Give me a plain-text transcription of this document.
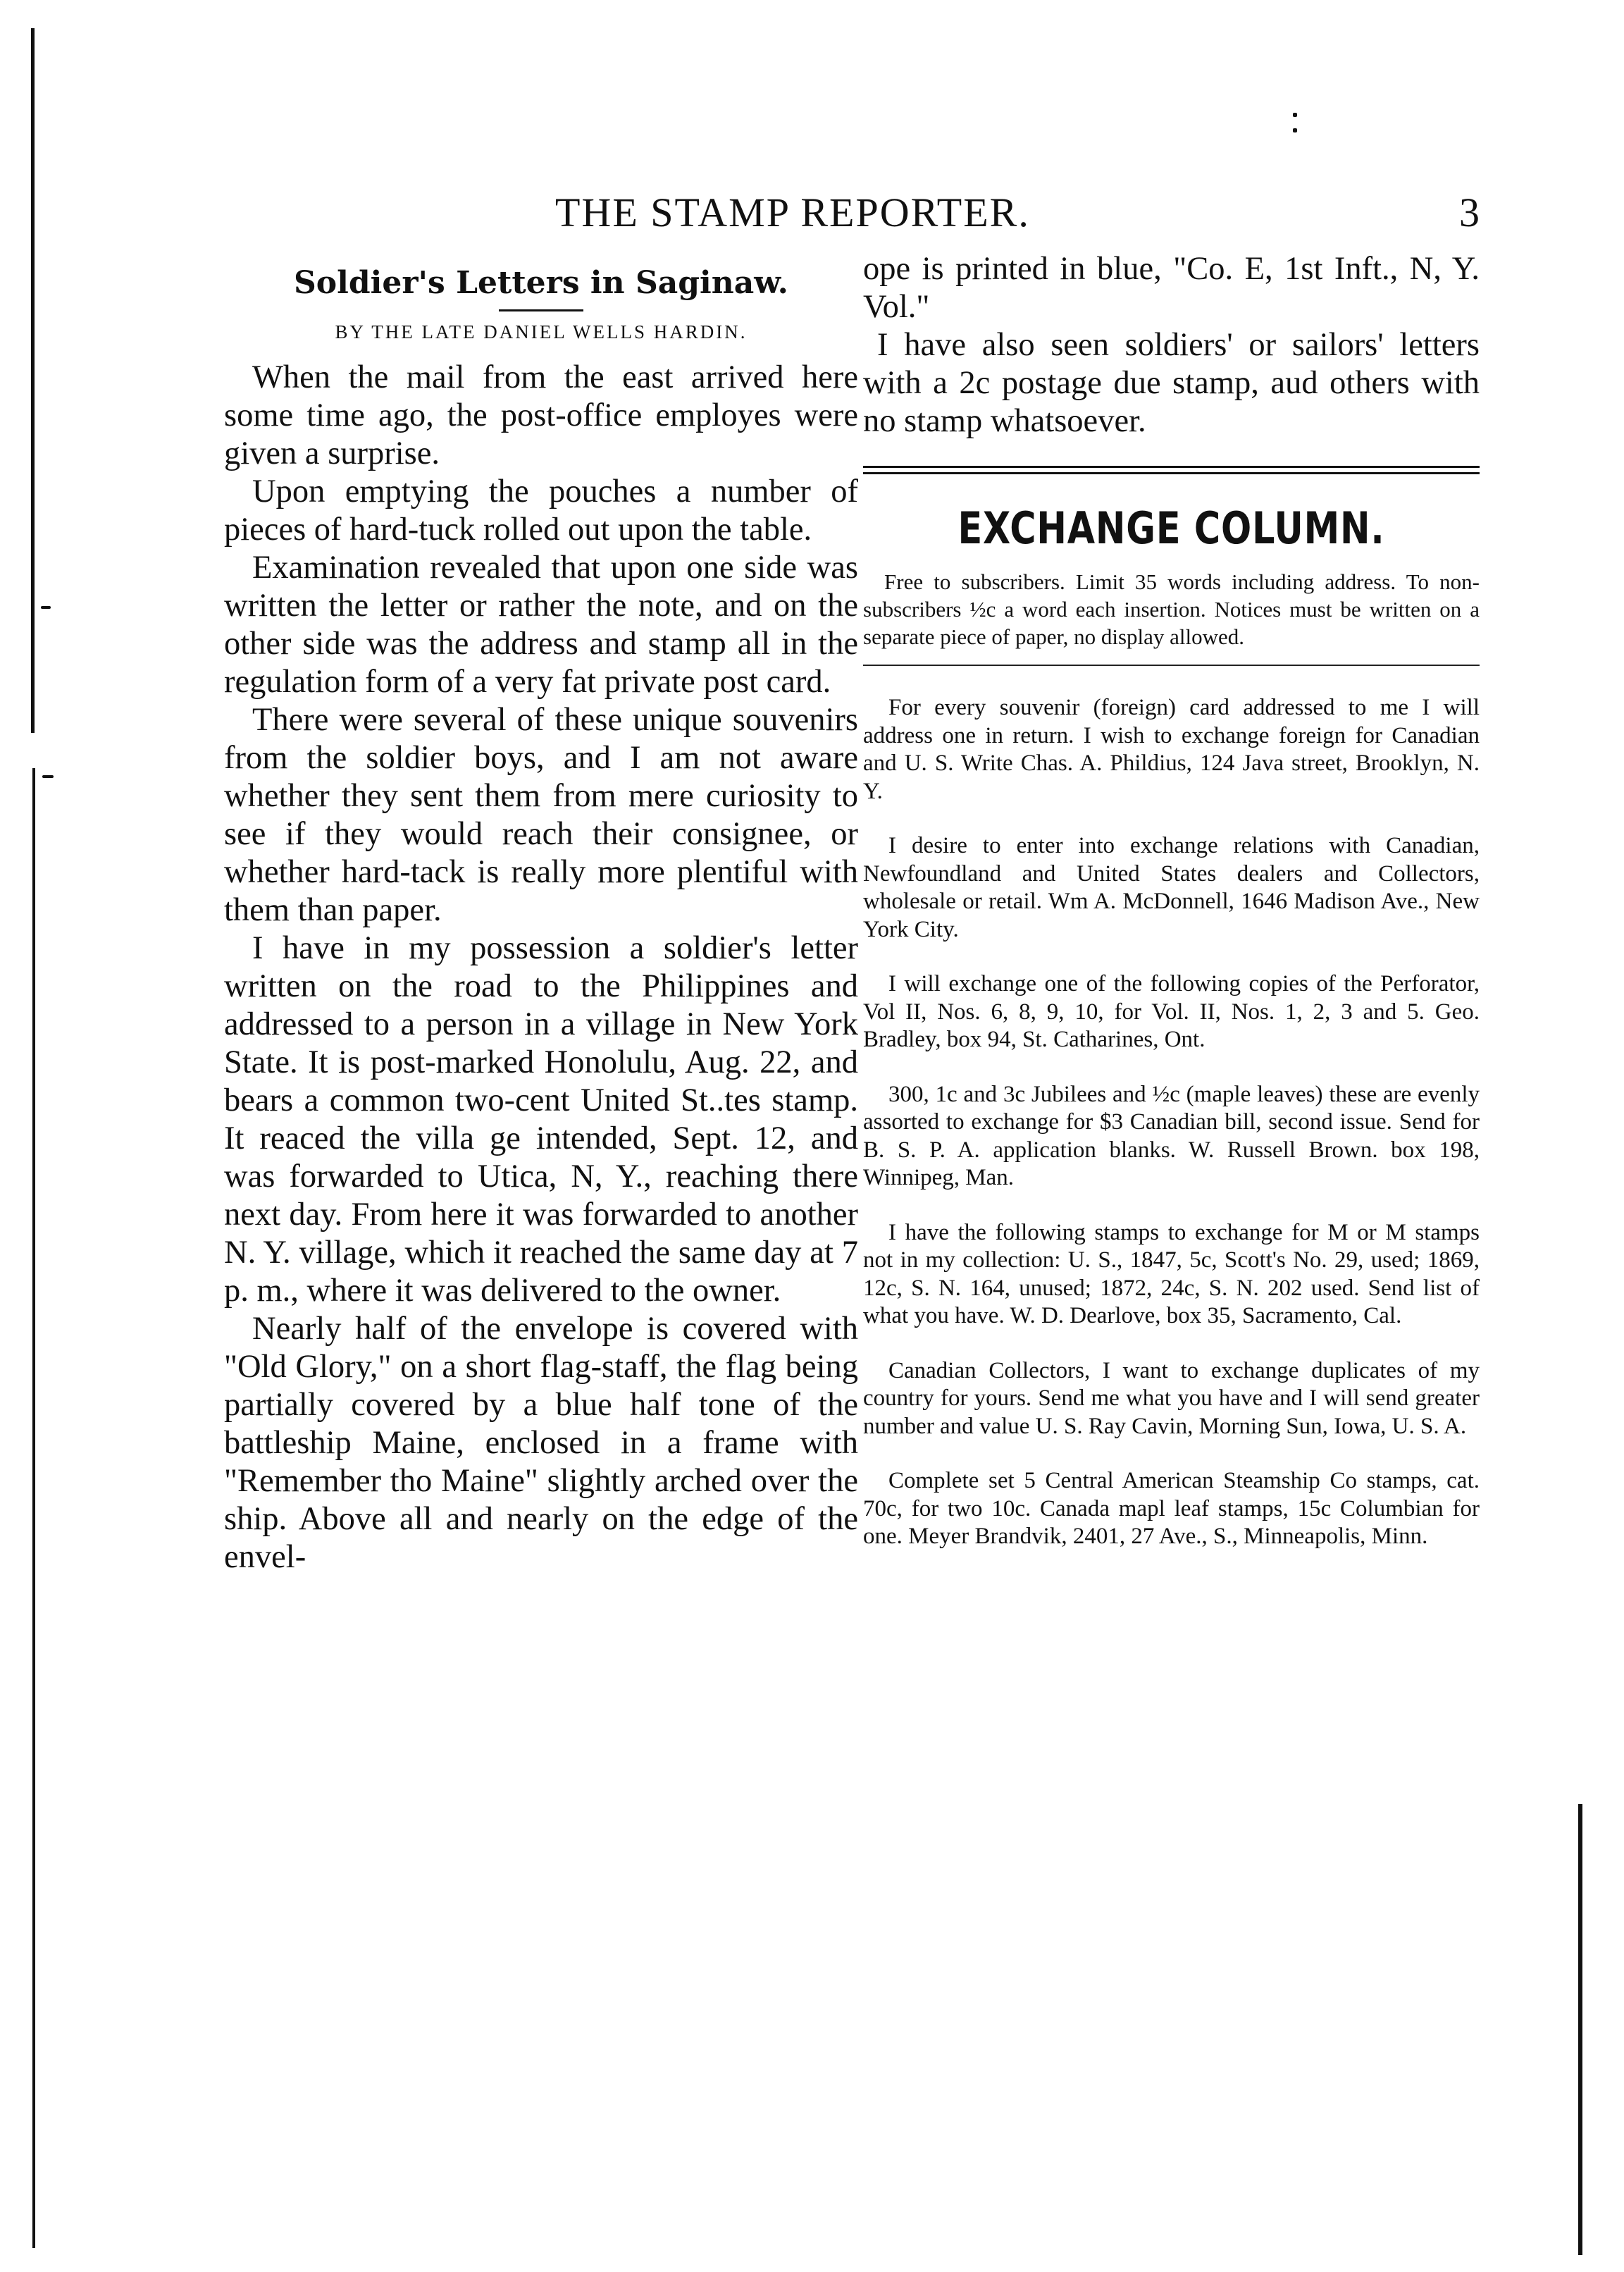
THE STAMP REPORTER.	3
Soldier's Letters in Saginaw.
BY THE LATE DANIEL WELLS HARDIN.

When the mail from the east arrived here some time ago, the post-office employes were given a surprise.

Upon emptying the pouches a number of pieces of hard-tuck rolled out upon the table.

Examination revealed that upon one side was written the letter or rather the note, and on the other side was the address and stamp all in the regulation form of a very fat private post card.

There were several of these unique souvenirs from the soldier boys, and I am not aware whether they sent them from mere curiosity to see if they would reach their consignee, or whether hard-tack is really more plentiful with them than paper.

I have in my possession a soldier's letter written on the road to the Philippines and addressed to a person in a village in New York State. It is post-marked Honolulu, Aug. 22, and bears a common two-cent United St..tes stamp. It reaced the villa ge intended, Sept. 12, and was forwarded to Utica, N, Y., reaching there next day. From here it was forwarded to another N. Y. village, which it reached the same day at 7 p. m., where it was delivered to the owner.

Nearly half of the envelope is covered with "Old Glory," on a short flag-staff, the flag being partially covered by a blue half tone of the battleship Maine, enclosed in a frame with "Remember tho Maine" slightly arched over the ship. Above all and nearly on the edge of the envel-

ope is printed in blue, "Co. E, 1st Inft., N, Y. Vol."

I have also seen soldiers' or sailors' letters with a 2c postage due stamp, aud others with no stamp whatsoever.

EXCHANGE COLUMN.
Free to subscribers. Limit 35 words including address. To non-subscribers ½c a word each insertion. Notices must be written on a separate piece of paper, no display allowed.
For every souvenir (foreign) card addressed to me I will address one in return. I wish to exchange foreign for Canadian and U. S. Write Chas. A. Phildius, 124 Java street, Brooklyn, N. Y.
I desire to enter into exchange relations with Canadian, Newfoundland and United States dealers and Collectors, wholesale or retail. Wm A. McDonnell, 1646 Madison Ave., New York City.
I will exchange one of the following copies of the Perforator, Vol II, Nos. 6, 8, 9, 10, for Vol. II, Nos. 1, 2, 3 and 5. Geo. Bradley, box 94, St. Catharines, Ont.
300, 1c and 3c Jubilees and ½c (maple leaves) these are evenly assorted to exchange for $3 Canadian bill, second issue. Send for B. S. P. A. application blanks. W. Russell Brown. box 198, Winnipeg, Man.
I have the following stamps to exchange for M or M stamps not in my collection: U. S., 1847, 5c, Scott's No. 29, used; 1869, 12c, S. N. 164, unused; 1872, 24c, S. N. 202 used. Send list of what you have. W. D. Dearlove, box 35, Sacramento, Cal.
Canadian Collectors, I want to exchange duplicates of my country for yours. Send me what you have and I will send greater number and value U. S. Ray Cavin, Morning Sun, Iowa, U. S. A.
Complete set 5 Central American Steamship Co stamps, cat. 70c, for two 10c. Canada mapl leaf stamps, 15c Columbian for one. Meyer Brandvik, 2401, 27 Ave., S., Minneapolis, Minn.
